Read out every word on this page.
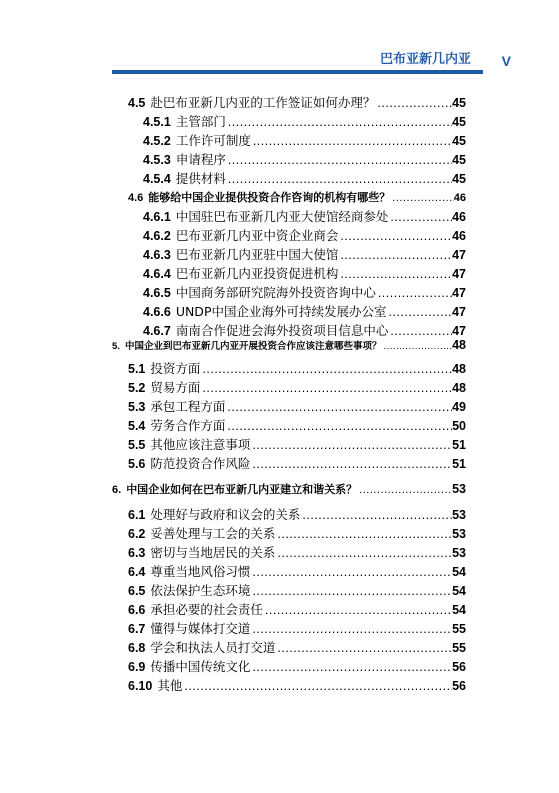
巴布亚新几内亚 V
4.5 赴巴布亚新几内亚的工作签证如何办理？ .....	45
4.5.1 主管部门 .....	45
4.5.2 工作许可制度 .....	45
4.5.3 申请程序 .....	45
4.5.4 提供材料 .....	45
4.6 能够给中国企业提供投资合作咨询的机构有哪些？ .....	46
4.6.1 中国驻巴布亚新几内亚大使馆经商参处 .....	46
4.6.2 巴布亚新几内亚中资企业商会 .....	46
4.6.3 巴布亚新几内亚驻中国大使馆 .....	47
4.6.4 巴布亚新几内亚投资促进机构 .....	47
4.6.5 中国商务部研究院海外投资咨询中心 .....	47
4.6.6 UNDP中国企业海外可持续发展办公室 .....	47
4.6.7 南南合作促进会海外投资项目信息中心 .....	47
5. 中国企业到巴布亚新几内亚开展投资合作应该注意哪些事项？ .....	48
5.1 投资方面 .....	48
5.2 贸易方面 .....	48
5.3 承包工程方面 .....	49
5.4 劳务合作方面 .....	50
5.5 其他应该注意事项 .....	51
5.6 防范投资合作风险 .....	51
6. 中国企业如何在巴布亚新几内亚建立和谐关系？ .....	53
6.1 处理好与政府和议会的关系 .....	53
6.2 妥善处理与工会的关系 .....	53
6.3 密切与当地居民的关系 .....	53
6.4 尊重当地风俗习惯 .....	54
6.5 依法保护生态环境 .....	54
6.6 承担必要的社会责任 .....	54
6.7 懂得与媒体打交道 .....	55
6.8 学会和执法人员打交道 .....	55
6.9 传播中国传统文化 .....	56
6.10 其他 .....	56
